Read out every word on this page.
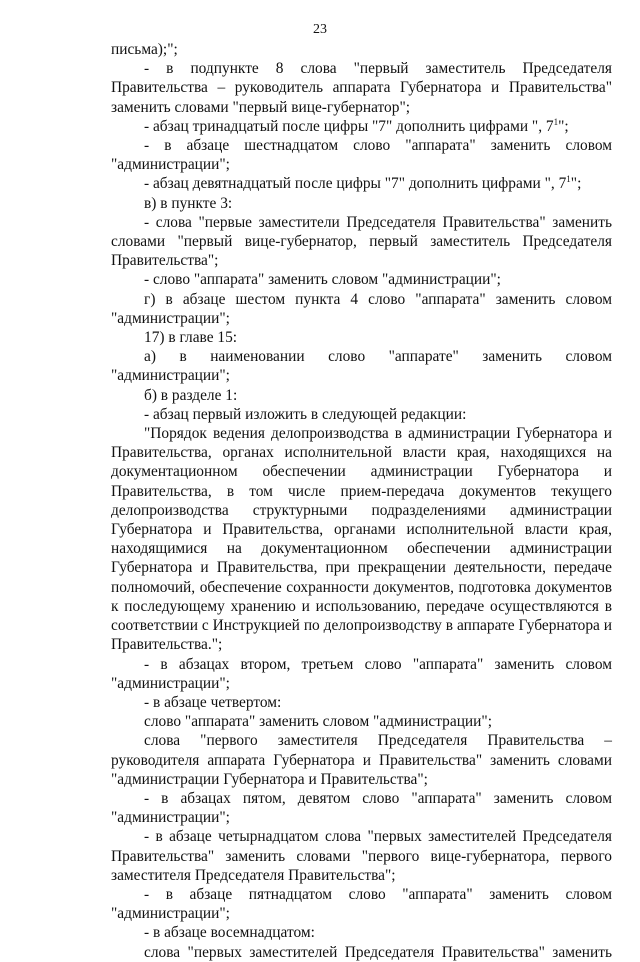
23

письма);";

- в подпункте 8 слова "первый заместитель Председателя Правительства – руководитель аппарата Губернатора и Правительства" заменить словами "первый вице-губернатор";

- абзац тринадцатый после цифры "7" дополнить цифрами ", $7^1$";

- в абзаце шестнадцатом слово "аппарата" заменить словом "администрации";

- абзац девятнадцатый после цифры "7" дополнить цифрами ", $7^1$";

в) в пункте 3:

- слова "первые заместители Председателя Правительства" заменить словами "первый вице-губернатор, первый заместитель Председателя Правительства";

- слово "аппарата" заменить словом "администрации";

г) в абзаце шестом пункта 4 слово "аппарата" заменить словом "администрации";

17) в главе 15:

а) в наименовании слово "аппарате" заменить словом "администрации";

б) в разделе 1:

- абзац первый изложить в следующей редакции:

"Порядок ведения делопроизводства в администрации Губернатора и Правительства, органах исполнительной власти края, находящихся на документационном обеспечении администрации Губернатора и Правительства, в том числе прием-передача документов текущего делопроизводства структурными подразделениями администрации Губернатора и Правительства, органами исполнительной власти края, находящимися на документационном обеспечении администрации Губернатора и Правительства, при прекращении деятельности, передаче полномочий, обеспечение сохранности документов, подготовка документов к последующему хранению и использованию, передаче осуществляются в соответствии с Инструкцией по делопроизводству в аппарате Губернатора и Правительства.";

- в абзацах втором, третьем слово "аппарата" заменить словом "администрации";

- в абзаце четвертом:

слово "аппарата" заменить словом "администрации";

слова "первого заместителя Председателя Правительства – руководителя аппарата Губернатора и Правительства" заменить словами "администрации Губернатора и Правительства";

- в абзацах пятом, девятом слово "аппарата" заменить словом "администрации";

- в абзаце четырнадцатом слова "первых заместителей Председателя Правительства" заменить словами "первого вице-губернатора, первого заместителя Председателя Правительства";

- в абзаце пятнадцатом слово "аппарата" заменить словом "администрации";

- в абзаце восемнадцатом:

слова "первых заместителей Председателя Правительства" заменить
